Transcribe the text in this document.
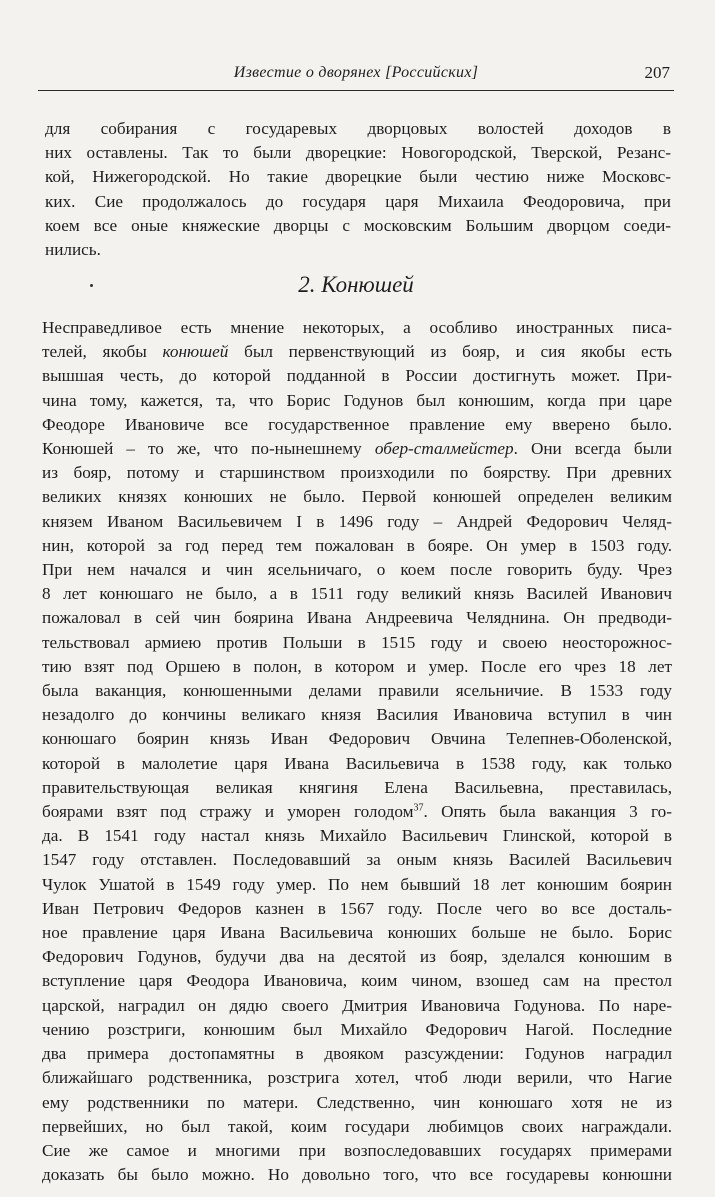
Известие о дворянех [Российских]	207
для собирания с государевых дворцовых волостей доходов в
них оставлены. Так то были дворецкие: Новогородской, Тверской, Резанс-
кой, Нижегородской. Но такие дворецкие были честию ниже Московс-
ких. Сие продолжалось до государя царя Михаила Феодоровича, при
коем все оные княжеские дворцы с московским Большим дворцом соеди-
нились.
2. Конюшей
Несправедливое есть мнение некоторых, а особливо иностранных писа-
телей, якобы конюшей был первенствующий из бояр, и сия якобы есть
вышшая честь, до которой подданной в России достигнуть может. При-
чина тому, кажется, та, что Борис Годунов был конюшим, когда при царе
Феодоре Ивановиче все государственное правление ему вверено было.
Конюшей – то же, что по-нынешнему обер-сталмейстер. Они всегда были
из бояр, потому и старшинством произходили по боярству. При древних
великих князях конюших не было. Первой конюшей определен великим
князем Иваном Васильевичем I в 1496 году – Андрей Федорович Челяд-
нин, которой за год перед тем пожалован в бояре. Он умер в 1503 году.
При нем начался и чин ясельничаго, о коем после говорить буду. Чрез
8 лет конюшаго не было, а в 1511 году великий князь Василей Иванович
пожаловал в сей чин боярина Ивана Андреевича Челяднина. Он предводи-
тельствовал армиею против Польши в 1515 году и своею неосторожнос-
тию взят под Оршею в полон, в котором и умер. После его чрез 18 лет
была ваканция, конюшенными делами правили ясельничие. В 1533 году
незадолго до кончины великаго князя Василия Ивановича вступил в чин
конюшаго боярин князь Иван Федорович Овчина Телепнев-Оболенской,
которой в малолетие царя Ивана Васильевича в 1538 году, как только
правительствующая великая княгиня Елена Васильевна, преставилась,
боярами взят под стражу и уморен голодом$^{37}$. Опять была ваканция 3 го-
да. В 1541 году настал князь Михайло Васильевич Глинской, которой в
1547 году отставлен. Последовавший за оным князь Василей Васильевич
Чулок Ушатой в 1549 году умер. По нем бывший 18 лет конюшим боярин
Иван Петрович Федоров казнен в 1567 году. После чего во все досталь-
ное правление царя Ивана Васильевича конюших больше не было. Борис
Федорович Годунов, будучи два на десятой из бояр, зделался конюшим в
вступление царя Феодора Ивановича, коим чином, взошед сам на престол
царской, наградил он дядю своего Дмитрия Ивановича Годунова. По наре-
чению розстриги, конюшим был Михайло Федорович Нагой. Последние
два примера достопамятны в двояком разсуждении: Годунов наградил
ближайшаго родственника, розстрига хотел, чтоб люди верили, что Нагие
ему родственники по матери. Следственно, чин конюшаго хотя не из
первейших, но был такой, коим государи любимцов своих награждали.
Сие же самое и многими при возпоследовавших государях примерами
доказать бы было можно. Но довольно того, что все государевы конюшни
